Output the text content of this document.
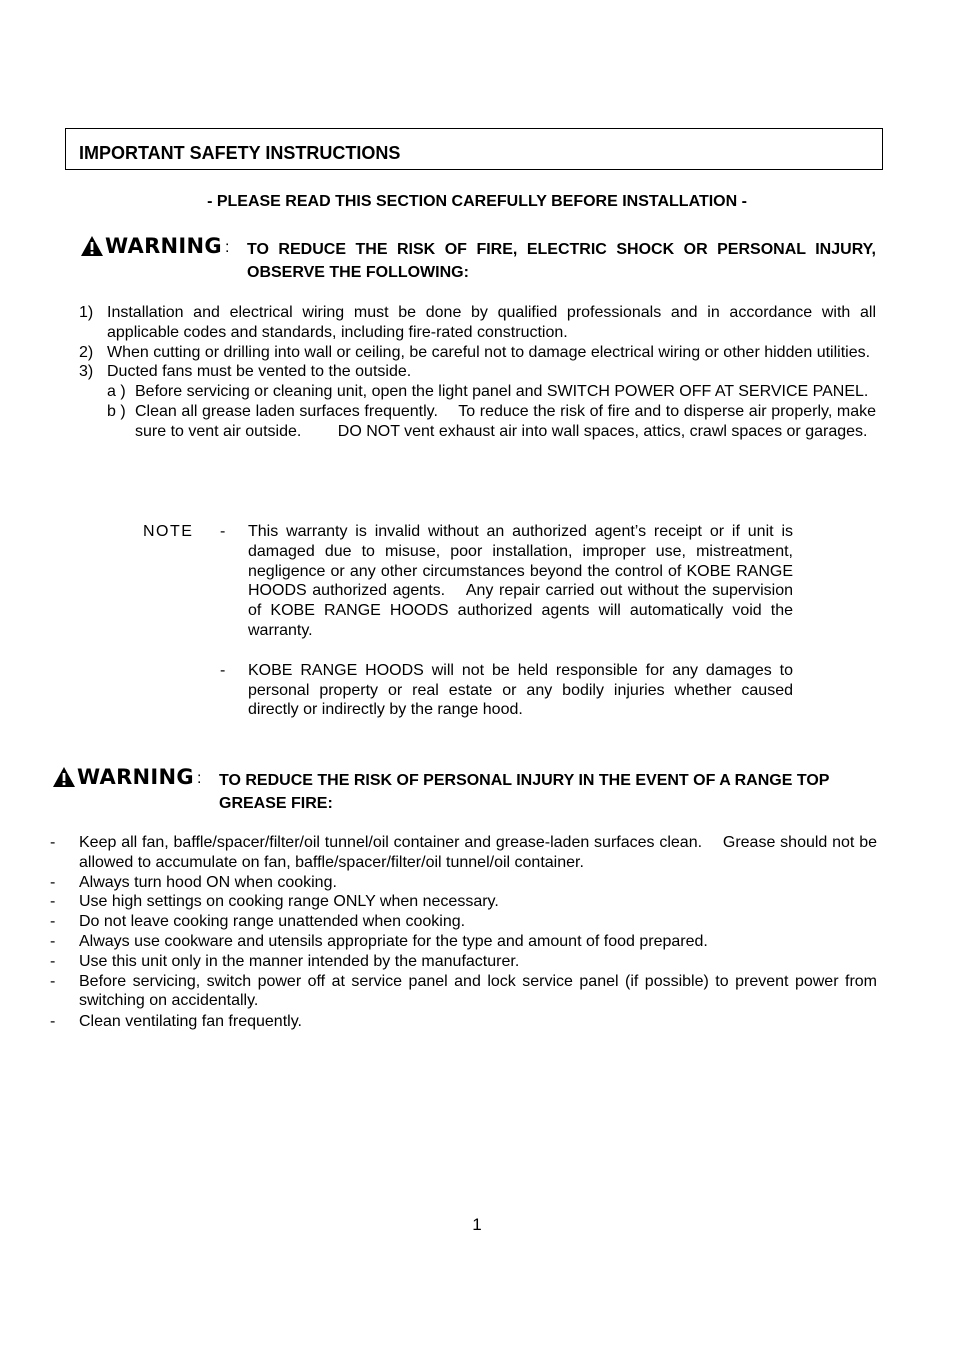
IMPORTANT SAFETY INSTRUCTIONS
- PLEASE READ THIS SECTION CAREFULLY BEFORE INSTALLATION -
WARNING : TO REDUCE THE RISK OF FIRE, ELECTRIC SHOCK OR PERSONAL INJURY,
OBSERVE THE FOLLOWING:
1) Installation and electrical wiring must be done by qualified professionals and in accordance with all applicable codes and standards, including fire-rated construction.
2) When cutting or drilling into wall or ceiling, be careful not to damage electrical wiring or other hidden utilities.
3) Ducted fans must be vented to the outside.
a ) Before servicing or cleaning unit, open the light panel and SWITCH POWER OFF AT SERVICE PANEL.
b ) Clean all grease laden surfaces frequently.  To reduce the risk of fire and to disperse air properly, make sure to vent air outside.   DO NOT vent exhaust air into wall spaces, attics, crawl spaces or garages.
NOTE	-	This warranty is invalid without an authorized agent’s receipt or if unit is damaged due to misuse, poor installation, improper use, mistreatment, negligence or any other circumstances beyond the control of KOBE RANGE HOODS authorized agents.  Any repair carried out without the supervision of KOBE RANGE HOODS authorized agents will automatically void the warranty.
-	KOBE RANGE HOODS will not be held responsible for any damages to personal property or real estate or any bodily injuries whether caused directly or indirectly by the range hood.
WARNING : TO REDUCE THE RISK OF PERSONAL INJURY IN THE EVENT OF A RANGE TOP
GREASE FIRE:
-	Keep all fan, baffle/spacer/filter/oil tunnel/oil container and grease-laden surfaces clean.  Grease should not be allowed to accumulate on fan, baffle/spacer/filter/oil tunnel/oil container.
-	Always turn hood ON when cooking.
-	Use high settings on cooking range ONLY when necessary.
-	Do not leave cooking range unattended when cooking.
-	Always use cookware and utensils appropriate for the type and amount of food prepared.
-	Use this unit only in the manner intended by the manufacturer.
-	Before servicing, switch power off at service panel and lock service panel (if possible) to prevent power from switching on accidentally.
-	Clean ventilating fan frequently.
1
